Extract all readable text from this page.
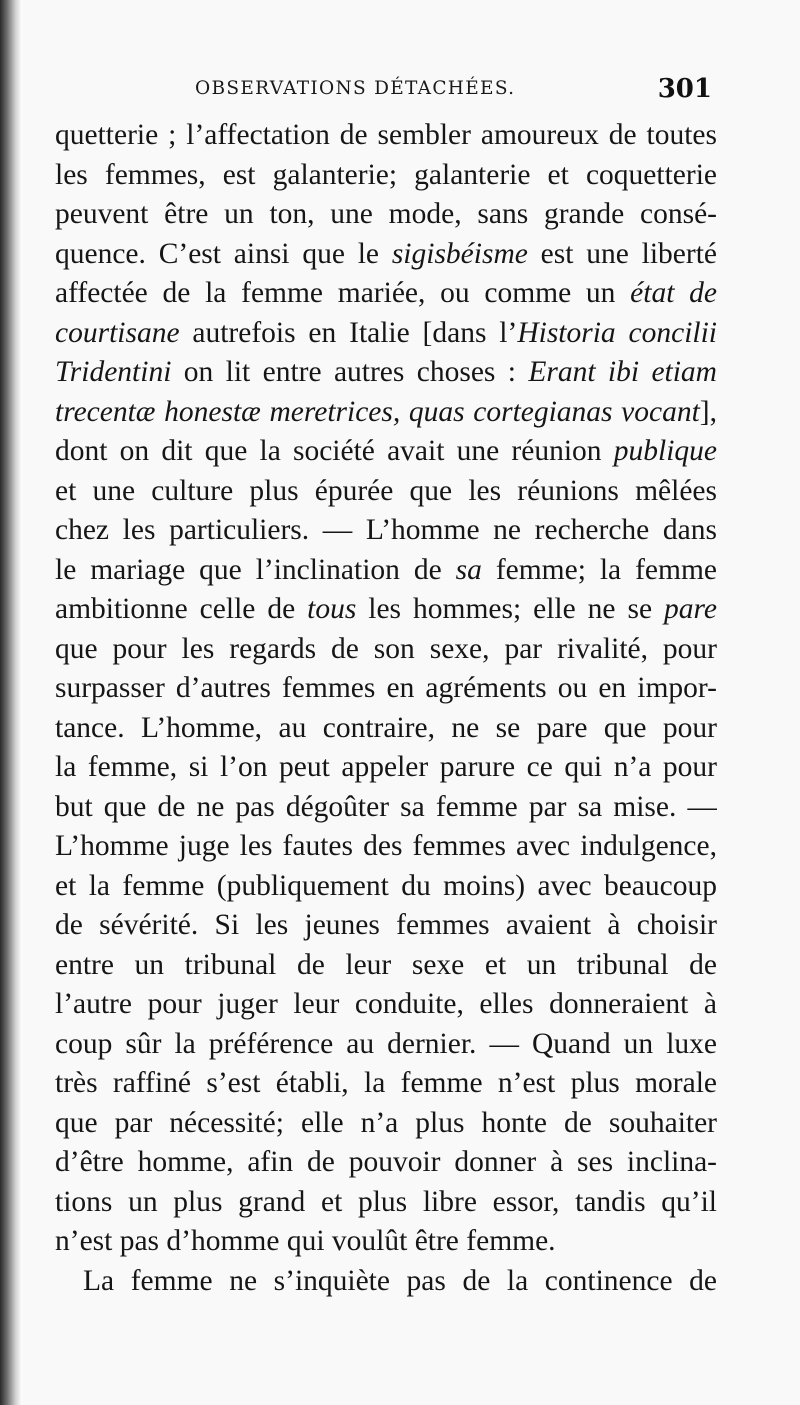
OBSERVATIONS DÉTACHÉES.	301
quetterie ; l’affectation de sembler amoureux de toutes
les femmes, est galanterie; galanterie et coquetterie
peuvent être un ton, une mode, sans grande consé-
quence. C’est ainsi que le sigisbéisme est une liberté
affectée de la femme mariée, ou comme un état de
courtisane autrefois en Italie [dans l’Historia concilii
Tridentini on lit entre autres choses : Erant ibi etiam
trecentæ honestæ meretrices, quas cortegianas vocant],
dont on dit que la société avait une réunion publique
et une culture plus épurée que les réunions mêlées
chez les particuliers. — L’homme ne recherche dans
le mariage que l’inclination de sa femme; la femme
ambitionne celle de tous les hommes; elle ne se pare
que pour les regards de son sexe, par rivalité, pour
surpasser d’autres femmes en agréments ou en impor-
tance. L’homme, au contraire, ne se pare que pour
la femme, si l’on peut appeler parure ce qui n’a pour
but que de ne pas dégoûter sa femme par sa mise. —
L’homme juge les fautes des femmes avec indulgence,
et la femme (publiquement du moins) avec beaucoup
de sévérité. Si les jeunes femmes avaient à choisir
entre un tribunal de leur sexe et un tribunal de
l’autre pour juger leur conduite, elles donneraient à
coup sûr la préférence au dernier. — Quand un luxe
très raffiné s’est établi, la femme n’est plus morale
que par nécessité; elle n’a plus honte de souhaiter
d’être homme, afin de pouvoir donner à ses inclina-
tions un plus grand et plus libre essor, tandis qu’il
n’est pas d’homme qui voulût être femme.
La femme ne s’inquiète pas de la continence de
